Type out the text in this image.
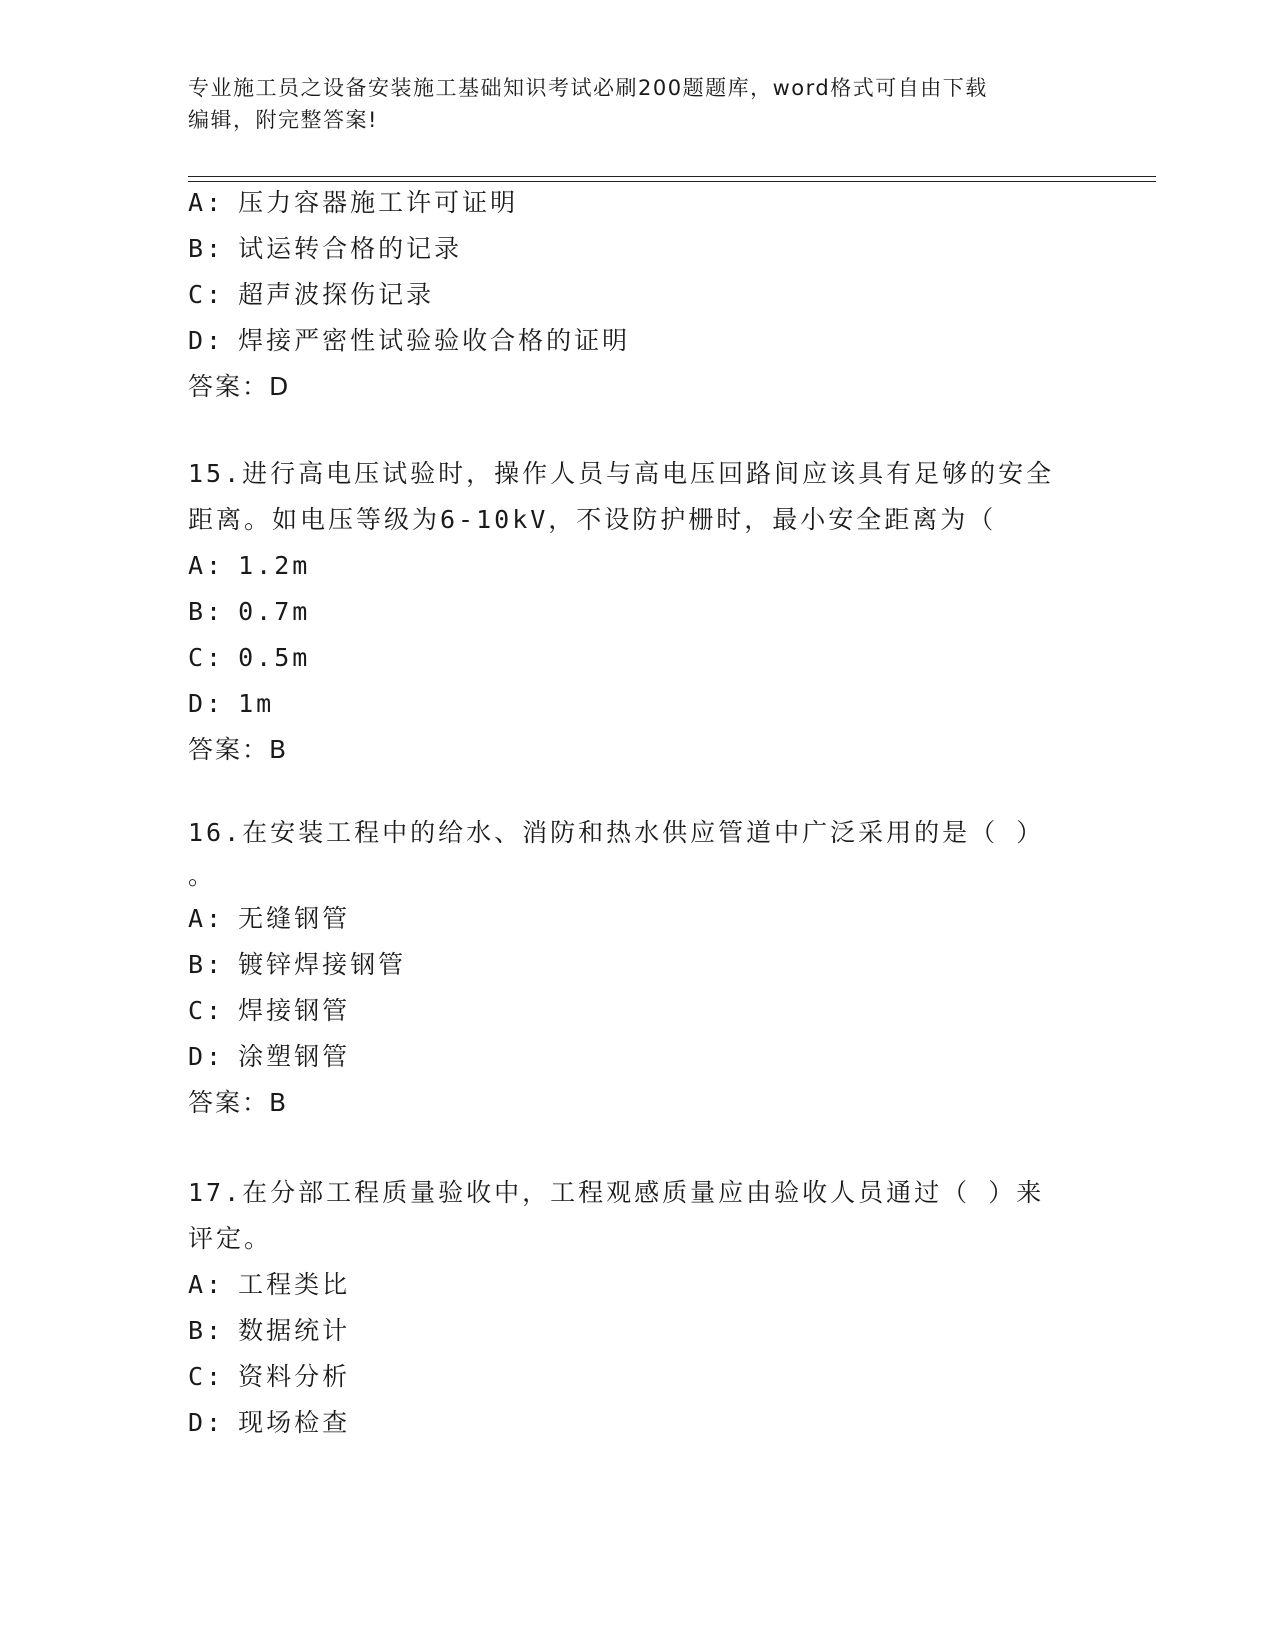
专业施工员之设备安装施工基础知识考试必刷200题题库，word格式可自由下载
编辑，附完整答案!
A: 压力容器施工许可证明
B: 试运转合格的记录
C: 超声波探伤记录
D: 焊接严密性试验验收合格的证明
答案：D
15.进行高电压试验时，操作人员与高电压回路间应该具有足够的安全
距离。如电压等级为6-10kV，不设防护栅时，最小安全距离为（
A: 1.2m
B: 0.7m
C: 0.5m
D: 1m
答案：B
16.在安装工程中的给水、消防和热水供应管道中广泛采用的是（ ）
。
A: 无缝钢管
B: 镀锌焊接钢管
C: 焊接钢管
D: 涂塑钢管
答案：B
17.在分部工程质量验收中，工程观感质量应由验收人员通过（ ）来
评定。
A: 工程类比
B: 数据统计
C: 资料分析
D: 现场检查
